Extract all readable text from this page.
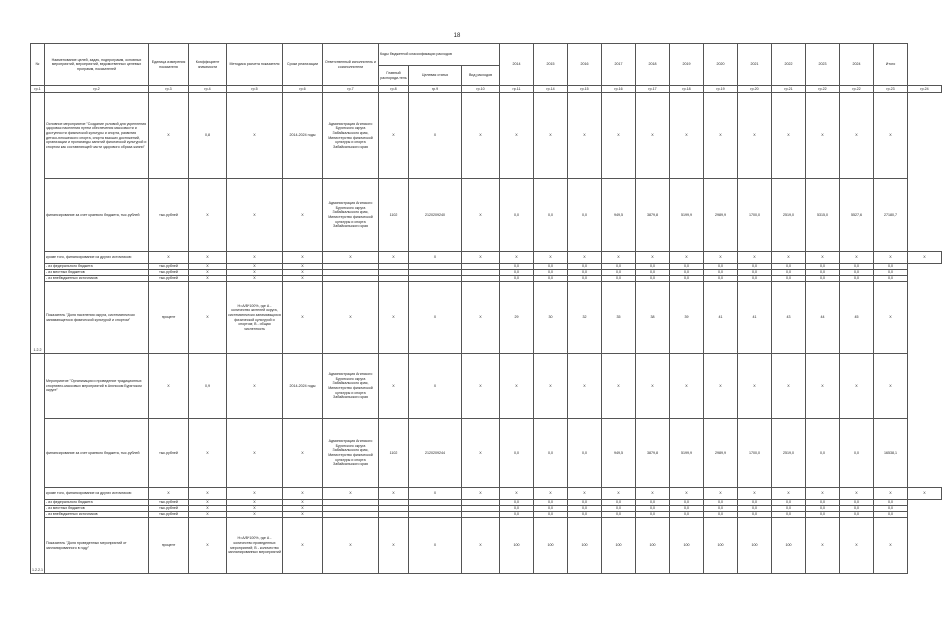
18
№	Наименование целей, задач, подпрограмм, основных мероприятий, мероприятий, ведомственных целевых программ, показателей	Единица измерения показателя	Коэффициент значимости	Методика расчета показателя	Сроки реализации	Ответственный исполнитель и соисполнители	Коды бюджетной классификации расходов			2014	2015	2016	2017	2018	2019	2020	2021	2022	2023	2024	Итого	
							Главный распоряди-тель	Целевая статья	Вид расходов													
гр.1	гр.2	гр.3	гр.4	гр.5	гр.6	гр.7	гр.8	гр.9	гр.10	гр.11	гр.14	гр.15	гр.16	гр.17	гр.18	гр.19	гр.20	гр.21	гр.22	гр.22	гр.23	гр.24
1.2.2	Основное мероприятие "Создание условий для укрепления здоровья населения путем обеспечения массовости и доступности физической культуры и спорта, развития детско-юношеского спорта, спорта высших достижений, организации и пропаганды занятий физической культурой и спортом как составляющей части здорового образа жизни"	Х	0,8	Х	2014-2024 годы	Администрация Агинского Бурятского округа Забайкальского края, Министерство физической культуры и спорта Забайкальского края	Х	Х	Х	Х	Х	Х	Х	Х	Х	Х	Х	Х	Х	Х	Х	
	финансирование за счет краевого бюджета, тыс.рублей	тыс.рублей	Х	Х	Х	Администрация Агинского Бурятского округа Забайкальского края, Министерство физической культуры и спорта Забайкальского края	1102	2120209240	Х	0,0	0,0	0,0	949,5	3879,8	5199,9	2989,9	1700,0	2519,0	5315,0	5527,6	27180,7	
	кроме того, финансирование из других источников:	Х	Х	Х	Х	Х	Х	Х	Х	Х	Х	Х	Х	Х	Х	Х	Х	Х	Х	Х	Х	Х
	- из федерального бюджета	тыс.рублей	Х	Х	Х					0,0	0,0	0,0	0,0	0,0	0,0	0,0	0,0	0,0	0,0	0,0	0,0	
	- из местных бюджетов	тыс.рублей	Х	Х	Х					0,0	0,0	0,0	0,0	0,0	0,0	0,0	0,0	0,0	0,0	0,0	0,0	
	- из внебюджетных источников	тыс.рублей	Х	Х	Х					0,0	0,0	0,0	0,0	0,0	0,0	0,0	0,0	0,0	0,0	0,0	0,0	
	Показатель "Доля населения округа, систематически занимающегося физической культурой и спортом"	процент	Х	Н=А/В*100%, где А - количество жителей округа, систематически занимающихся физической культурой и спортом; В - общая численность	Х	Х	Х	Х	Х	29	30	32	35	38	39	41	41	43	44	45	Х	
1.2.2.1	Мероприятие "Организация и проведение традиционных спортивно-массовых мероприятий в Агинском Бурятском округе"	Х	0,9	Х	2014-2024 годы	Администрация Агинского Бурятского округа Забайкальского края, Министерство физической культуры и спорта Забайкальского края	Х	Х	Х	Х	Х	Х	Х	Х	Х	Х	Х	Х	Х	Х	Х	
	финансирование за счет краевого бюджета, тыс.рублей	тыс.рублей	Х	Х	Х	Администрация Агинского Бурятского округа Забайкальского края, Министерство физической культуры и спорта Забайкальского края	1102	2120209244	Х	0,0	0,0	0,0	949,5	3879,8	5199,9	2989,9	1700,0	2519,0	0,0	0,0	16538,1	
	кроме того, финансирование из других источников:	Х	Х	Х	Х	Х	Х	Х	Х	Х	Х	Х	Х	Х	Х	Х	Х	Х	Х	Х	Х	Х
	- из федерального бюджета	тыс.рублей	Х	Х	Х					0,0	0,0	0,0	0,0	0,0	0,0	0,0	0,0	0,0	0,0	0,0	0,0	
	- из местных бюджетов	тыс.рублей	Х	Х	Х					0,0	0,0	0,0	0,0	0,0	0,0	0,0	0,0	0,0	0,0	0,0	0,0	
	- из внебюджетных источников	тыс.рублей	Х	Х	Х					0,0	0,0	0,0	0,0	0,0	0,0	0,0	0,0	0,0	0,0	0,0	0,0	
	Показатель "Доля проведенных мероприятий от запланированного в году"	процент	Х	Н=А/В*100%, где А - количество проведенных мероприятий; В - количество запланированных мероприятий	Х	Х	Х	Х	Х	100	100	100	100	100	100	100	100	100	Х	Х	Х	
